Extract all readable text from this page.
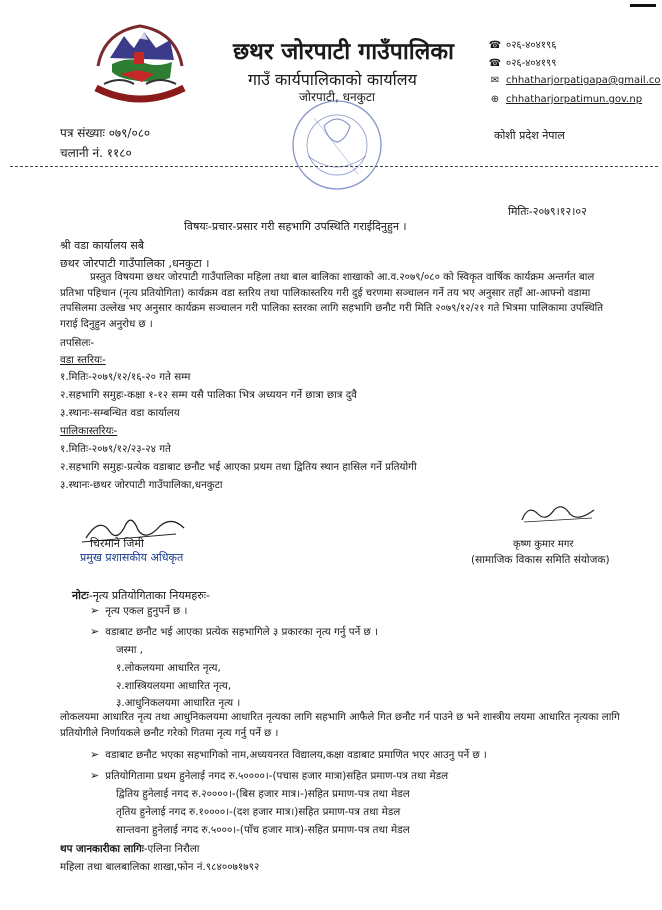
छथर जोरपाटी गाउँपालिका
गाउँ कार्यपालिकाको कार्यालय
जोरपाटी, धनकुटा
☎ ०२६-४०४१९६
☎ ०२६-४०४१९९
✉ chhatharjorpatigapa@gmail.co
⊕ chhatharjorpatimun.gov.np
पत्र संख्याः ०७९/०८०
चलानी नं. ११८०
कोशी प्रदेश नेपाल
मितिः-२०७९।१२।०२
विषयः-प्रचार-प्रसार गरी सहभागि उपस्थिति गराईदिनुहुन ।
श्री वडा कार्यालय सबै
छथर जोरपाटी गाउँपालिका ,धनकुटा ।
प्रस्तुत विषयमा छथर जोरपाटी गाउँपालिका महिला तथा बाल बालिका शाखाको आ.व.२०७९/०८० को स्विकृत वार्षिक कार्यक्रम अन्तर्गत बाल प्रतिभा पहिचान (नृत्य प्रतियोगिता) कार्यक्रम वडा स्तरिय तथा पालिकास्तरिय गरी दुई चरणमा सञ्चालन गर्ने तय भए अनुसार तहाँ आ-आफ्नो वडामा तपसिलमा उल्लेख भए अनुसार कार्यक्रम सञ्चालन गरी पालिका स्तरका लागि सहभागि छनौट गरी मिति २०७९/१२/२१ गते भित्रमा पालिकामा उपस्थिति गराई दिनुहुन अनुरोध छ ।
तपसिलः-
वडा स्तरियः-
१.मितिः-२०७९/१२/१६-२० गते सम्म
२.सहभागि समुहः-कक्षा १-१२ सम्म यसै पालिका भित्र अध्ययन गर्ने छात्रा छात्र दुवै
३.स्थानः-सम्बन्धित वडा कार्यालय
पालिकास्तरियः-
१.मितिः-२०७९/१२/२३-२४ गते
२.सहभागि समुहः-प्रत्येक वडाबाट छनौट भई आएका प्रथम तथा द्वितिय स्थान हासिल गर्ने प्रतियोगी
३.स्थानः-छथर जोरपाटी गाउँपालिका,धनकुटा
चिरमाने जिमी
प्रमुख प्रशासकीय अधिकृत
कृष्ण कुमार मगर
(सामाजिक विकास समिति संयोजक)
नोटः-नृत्य प्रतियोगिताका नियमहरुः-
➢ नृत्य एकल हुनुपर्ने छ ।
➢ वडाबाट छनौट भई आएका प्रत्येक सहभागिले ३ प्रकारका नृत्य गर्नु पर्ने छ ।
जस्मा ,
१.लोकलयमा आधारित नृत्य,
२.शास्त्रियलयमा आधारित नृत्य,
३.आधुनिकलयमा आधारित नृत्य ।
लोकलयमा आधारित नृत्य तथा आधुनिकलयमा आधारित नृत्यका लागि सहभागि आफैले गित छनौट गर्न पाउने छ भने शास्त्रीय लयमा आधारित नृत्यका लागि प्रतियोगीले निर्णायकले छनौट गरेको गितमा नृत्य गर्नु पर्ने छ ।
➢ वडाबाट छनौट भएका सहभागिको नाम,अध्ययनरत विद्यालय,कक्षा वडाबाट प्रमाणित भएर आउनु पर्ने छ ।
➢ प्रतियोगितामा प्रथम हुनेलाई नगद रु.५००००।-(पचास हजार मात्रा)सहित प्रमाण-पत्र तथा मेडल
द्वितिय हुनेलाई नगद रु.२००००।-(बिस हजार मात्र।-)सहित प्रमाण-पत्र तथा मेडल
तृतिय हुनेलाई नगद रु.१००००।-(दश हजार मात्र।)सहित प्रमाण-पत्र तथा मेडल
सान्तवना हुनेलाई नगद रु.५०००।-(पाँच हजार मात्र)-सहित प्रमाण-पत्र तथा मेडल
थप जानकारीका लागिः-एलिना निरौला
महिला तथा बालबालिका शाखा,फोन नं.९८४००७१७९२
